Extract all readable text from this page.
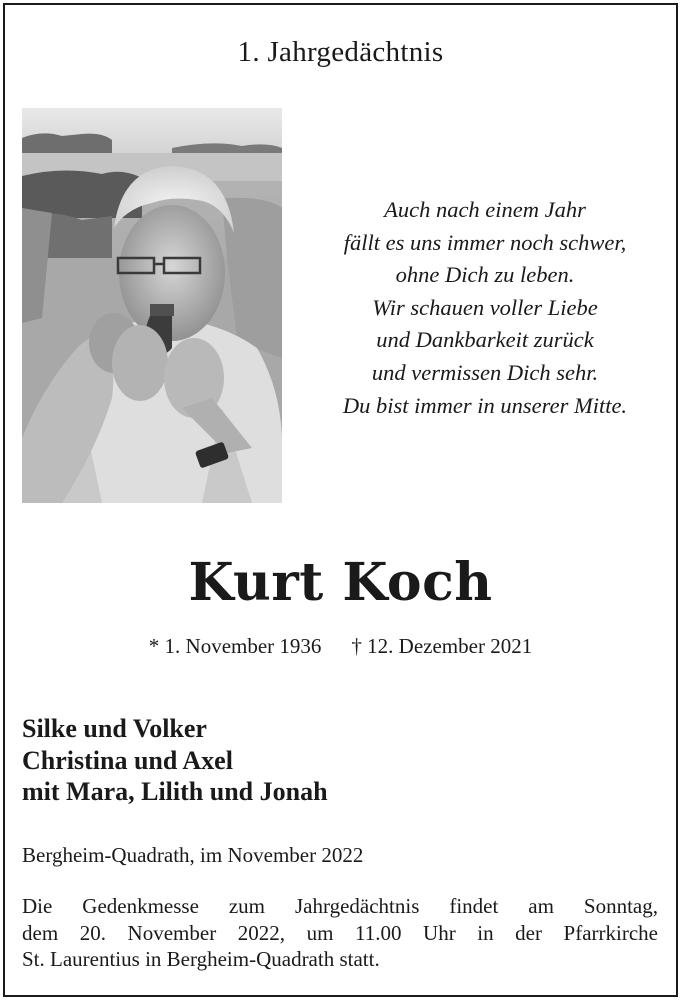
1. Jahrgedächtnis
Auch nach einem Jahr
fällt es uns immer noch schwer,
ohne Dich zu leben.
Wir schauen voller Liebe
und Dankbarkeit zurück
und vermissen Dich sehr.
Du bist immer in unserer Mitte.
Kurt Koch
* 1. November 1936 † 12. Dezember 2021
Silke und Volker
Christina und Axel
mit Mara, Lilith und Jonah
Bergheim-Quadrath, im November 2022
Die Gedenkmesse zum Jahrgedächtnis findet am Sonntag,
dem 20. November 2022, um 11.00 Uhr in der Pfarrkirche
St. Laurentius in Bergheim-Quadrath statt.
